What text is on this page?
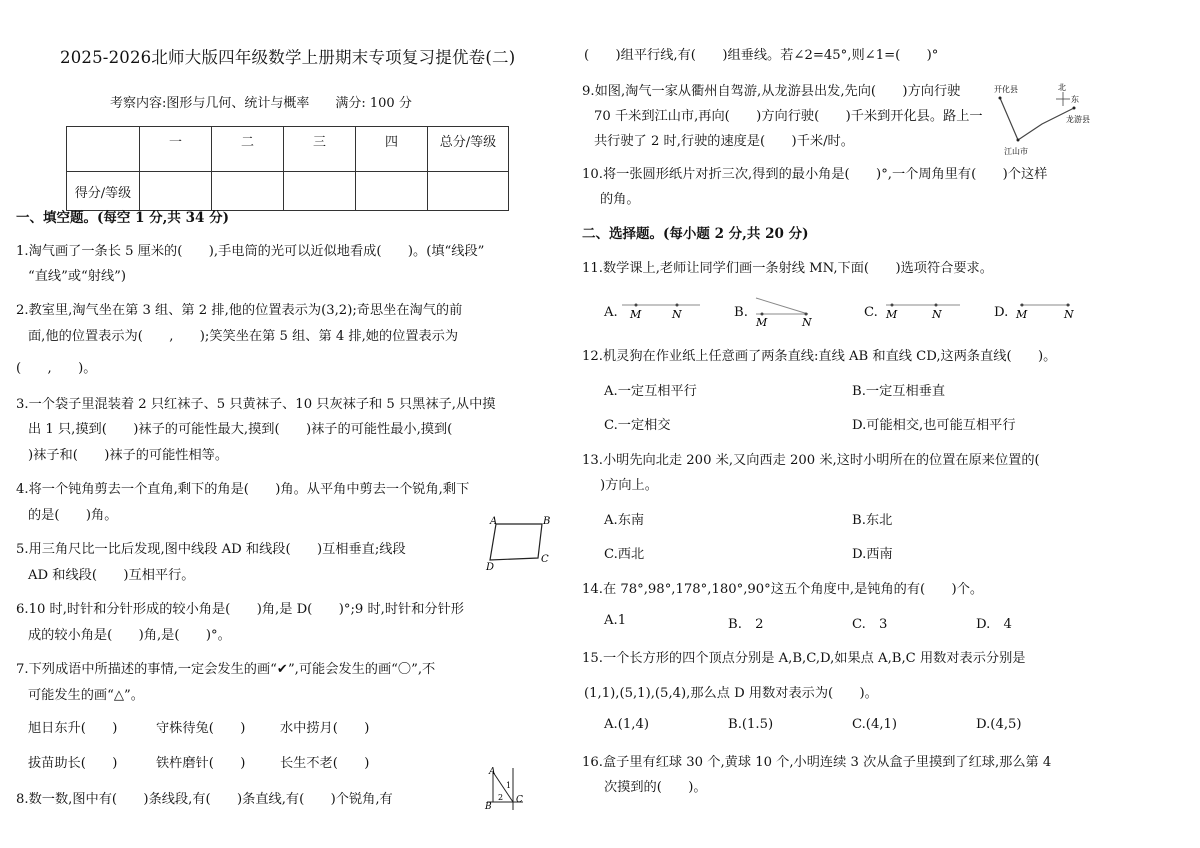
2025-2026北师大版四年级数学上册期末专项复习提优卷(二)
考察内容:图形与几何、统计与概率　　满分: 100 分
	一	二	三	四	总分/等级
得分/等级					
一、填空题。(每空 1 分,共 34 分)
1.淘气画了一条长 5 厘米的(　　),手电筒的光可以近似地看成(　　)。(填“线段”
“直线”或“射线”)
2.教室里,淘气坐在第 3 组、第 2 排,他的位置表示为(3,2);奇思坐在淘气的前
面,他的位置表示为(　　,　　);笑笑坐在第 5 组、第 4 排,她的位置表示为
(　　,　　)。
3.一个袋子里混装着 2 只红袜子、5 只黄袜子、10 只灰袜子和 5 只黑袜子,从中摸
出 1 只,摸到(　　)袜子的可能性最大,摸到(　　)袜子的可能性最小,摸到(
)袜子和(　　)袜子的可能性相等。
4.将一个钝角剪去一个直角,剩下的角是(　　)角。从平角中剪去一个锐角,剩下
的是(　　)角。
5.用三角尺比一比后发现,图中线段 AD 和线段(　　)互相垂直;线段
AD 和线段(　　)互相平行。
A	B
D
C
6.10 时,时针和分针形成的较小角是(　　)角,是 D(　　)°;9 时,时针和分针形
成的较小角是(　　)角,是(　　)°。
7.下列成语中所描述的事情,一定会发生的画“✔”,可能会发生的画“〇”,不
可能发生的画“△”。
旭日东升(　　)	守株待兔(　　)	水中捞月(　　)
拔苗助长(　　)	铁杵磨针(　　)	长生不老(　　)
8.数一数,图中有(　　)条线段,有(　　)条直线,有(　　)个锐角,有
A
B
C
1
2
(　　)组平行线,有(　　)组垂线。若∠2=45°,则∠1=(　　)°
9.如图,淘气一家从衢州自驾游,从龙游县出发,先向(　　)方向行驶
70 千米到江山市,再向(　　)方向行驶(　　)千米到开化县。路上一
共行驶了 2 时,行驶的速度是(　　)千米/时。
开化县	北
东
龙游县
江山市
10.将一张圆形纸片对折三次,得到的最小角是(　　)°,一个周角里有(　　)个这样
的角。
二、选择题。(每小题 2 分,共 20 分)
11.数学课上,老师让同学们画一条射线 MN,下面(　　)选项符合要求。
A. M	N	B.
M	N
C. M	N	D. M	N
12.机灵狗在作业纸上任意画了两条直线:直线 AB 和直线 CD,这两条直线(　　)。
A.一定互相平行	B.一定互相垂直
C.一定相交	D.可能相交,也可能互相平行
13.小明先向北走 200 米,又向西走 200 米,这时小明所在的位置在原来位置的(
)方向上。
A.东南	B.东北
C.西北	D.西南
14.在 78°,98°,178°,180°,90°这五个角度中,是钝角的有(　　)个。
A.1	B.　2	C.　3	D.　4
15.一个长方形的四个顶点分别是 A,B,C,D,如果点 A,B,C 用数对表示分别是
(1,1),(5,1),(5,4),那么点 D 用数对表示为(　　)。
A.(1,4)	B.(1.5)	C.(4,1)	D.(4,5)
16.盒子里有红球 30 个,黄球 10 个,小明连续 3 次从盒子里摸到了红球,那么第 4
次摸到的(　　)。
